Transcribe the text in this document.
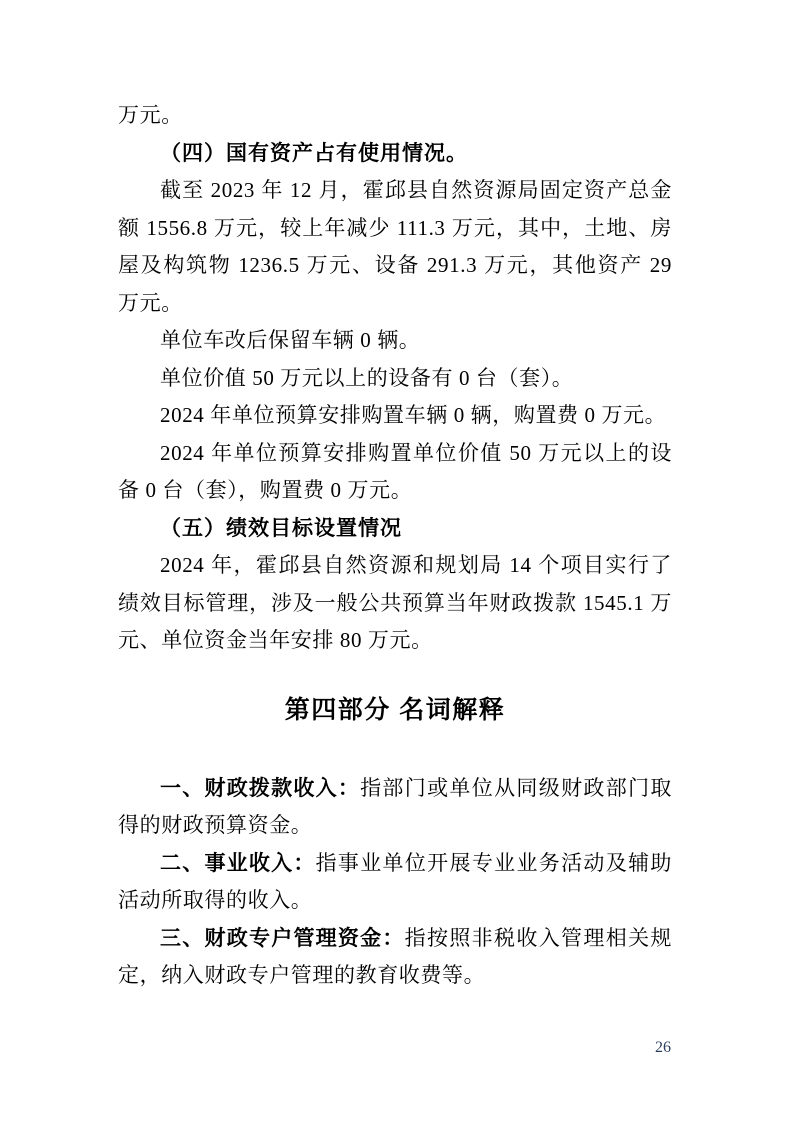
万元。

（四）国有资产占有使用情况。

截至 2023 年 12 月，霍邱县自然资源局固定资产总金额 1556.8 万元，较上年减少 111.3 万元，其中，土地、房屋及构筑物 1236.5 万元、设备 291.3 万元，其他资产 29 万元。

单位车改后保留车辆 0 辆。

单位价值 50 万元以上的设备有 0 台（套）。

2024 年单位预算安排购置车辆 0 辆，购置费 0 万元。

2024 年单位预算安排购置单位价值 50 万元以上的设备 0 台（套），购置费 0 万元。

（五）绩效目标设置情况

2024 年，霍邱县自然资源和规划局 14 个项目实行了绩效目标管理，涉及一般公共预算当年财政拨款 1545.1 万元、单位资金当年安排 80 万元。

第四部分 名词解释

一、财政拨款收入：指部门或单位从同级财政部门取得的财政预算资金。

二、事业收入：指事业单位开展专业业务活动及辅助活动所取得的收入。

三、财政专户管理资金：指按照非税收入管理相关规定，纳入财政专户管理的教育收费等。

26
